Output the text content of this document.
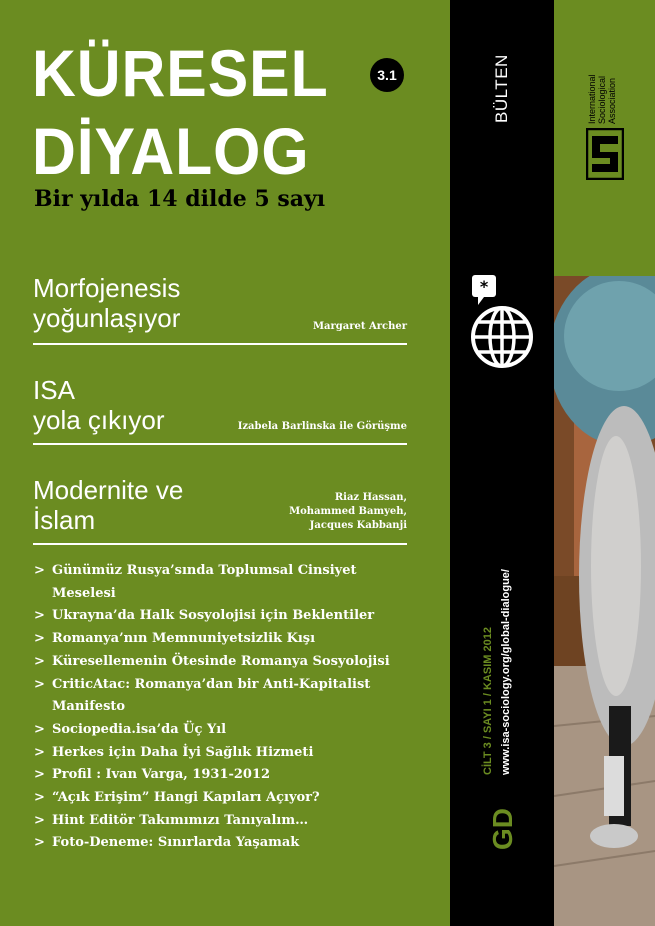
KÜRESEL
DİYALOG
3.1
Bir yılda 14 dilde 5 sayı
Morfojenesis
yoğunlaşıyor	Margaret Archer
ISA
yola çıkıyor	Izabela Barlinska ile Görüşme
Modernite ve
İslam
Riaz Hassan,
Mohammed Bamyeh,
Jacques Kabbanji
> Günümüz Rusya’sında Toplumsal Cinsiyet
Meselesi
> Ukrayna’da Halk Sosyolojisi için Beklentiler
> Romanya’nın Memnuniyetsizlik Kışı
> Küresellemenin Ötesinde Romanya Sosyolojisi
> CriticAtac: Romanya’dan bir Anti-Kapitalist
Manifesto
> Sociopedia.isa’da Üç Yıl
> Herkes için Daha İyi Sağlık Hizmeti
> Profil : Ivan Varga, 1931-2012
> “Açık Erişim” Hangi Kapıları Açıyor?
> Hint Editör Takımımızı Tanıyalım…
> Foto-Deneme: Sınırlarda Yaşamak
BÜLTEN
*
CİLT 3 / SAYI 1 / KASIM 2012 www.isa-sociology.org/global-dialogue/
GD
International Sociological Association
